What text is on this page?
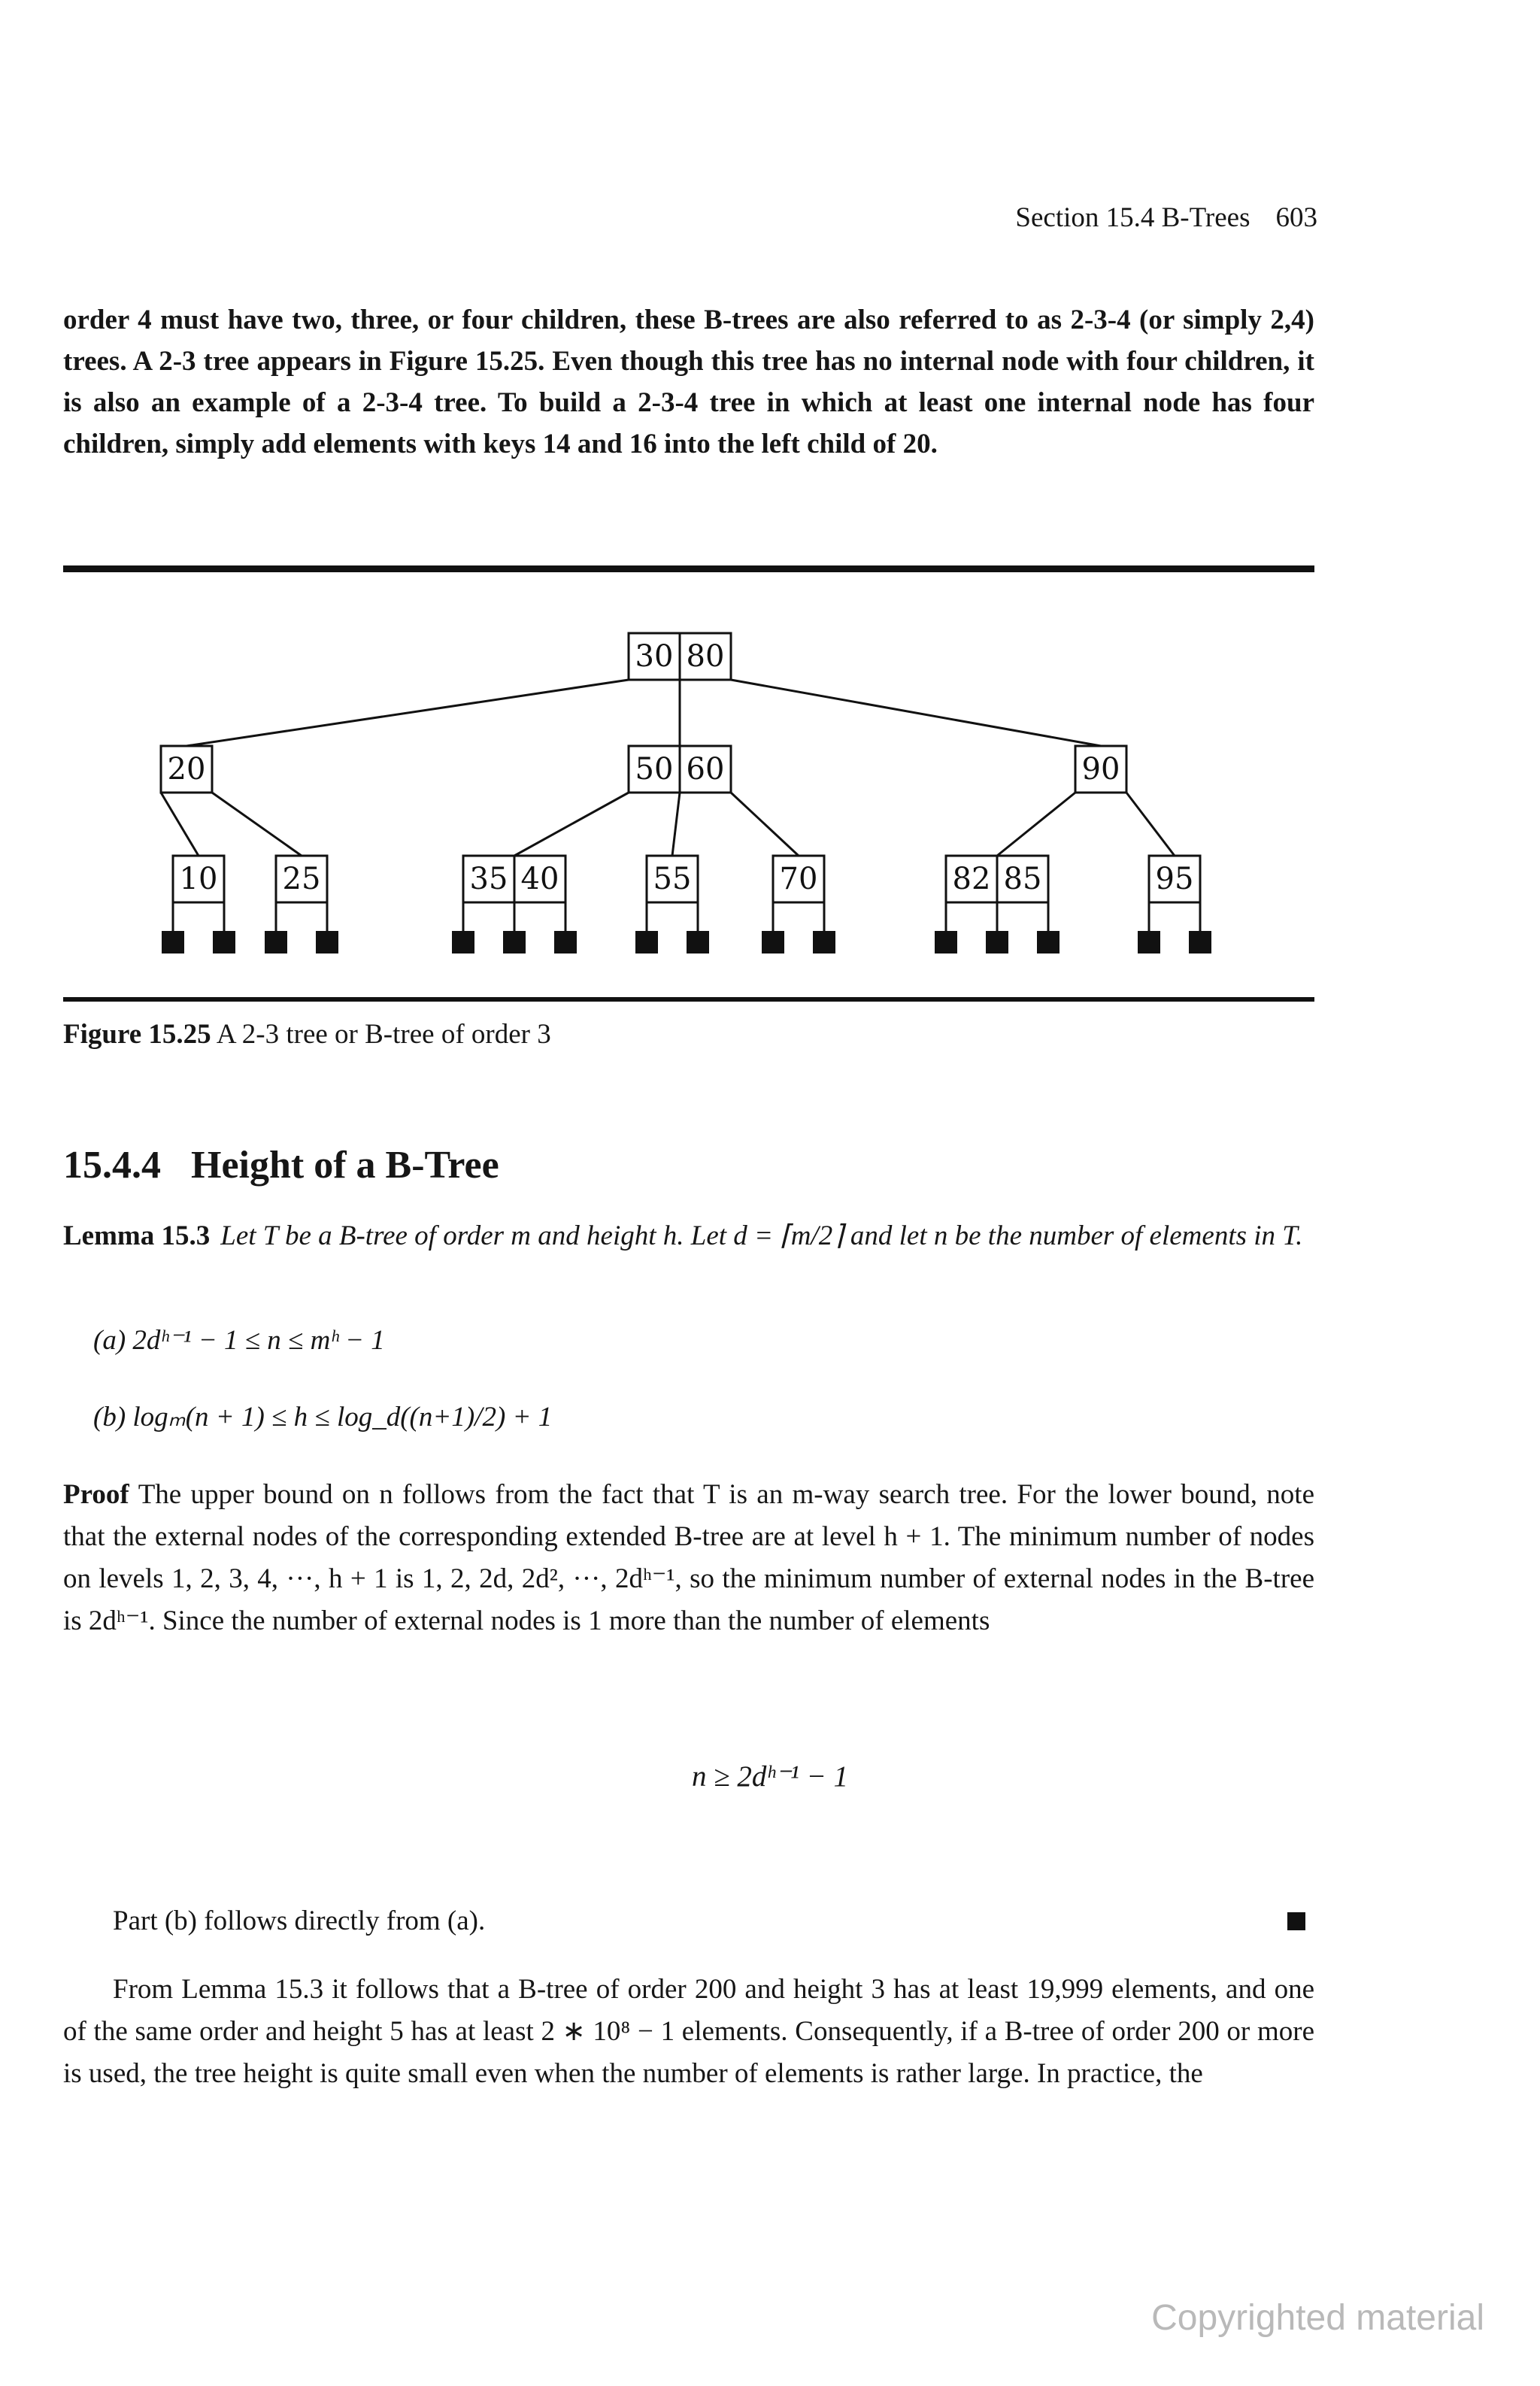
Section 15.4 B-Trees 603
order 4 must have two, three, or four children, these B-trees are also referred to as 2-3-4 (or simply 2,4) trees. A 2-3 tree appears in Figure 15.25. Even though this tree has no internal node with four children, it is also an example of a 2-3-4 tree. To build a 2-3-4 tree in which at least one internal node has four children, simply add elements with keys 14 and 16 into the left child of 20.
30 80
20
10 25
50 60
35 40	55	70
90
82 85	95
Figure 15.25 A 2-3 tree or B-tree of order 3
15.4.4 Height of a B-Tree
Lemma 15.3 Let T be a B-tree of order m and height h. Let d = ⌈m/2⌉ and let n be the number of elements in T.
(a) 2dʰ⁻¹ − 1 ≤ n ≤ mʰ − 1
(b) logₘ(n + 1) ≤ h ≤ log_d((n+1)/2) + 1
Proof The upper bound on n follows from the fact that T is an m-way search tree. For the lower bound, note that the external nodes of the corresponding extended B-tree are at level h + 1. The minimum number of nodes on levels 1, 2, 3, 4, ···, h + 1 is 1, 2, 2d, 2d², ···, 2dʰ⁻¹, so the minimum number of external nodes in the B-tree is 2dʰ⁻¹. Since the number of external nodes is 1 more than the number of elements
n ≥ 2dʰ⁻¹ − 1
Part (b) follows directly from (a).
From Lemma 15.3 it follows that a B-tree of order 200 and height 3 has at least 19,999 elements, and one of the same order and height 5 has at least 2 ∗ 10⁸ − 1 elements. Consequently, if a B-tree of order 200 or more is used, the tree height is quite small even when the number of elements is rather large. In practice, the
Copyrighted material
